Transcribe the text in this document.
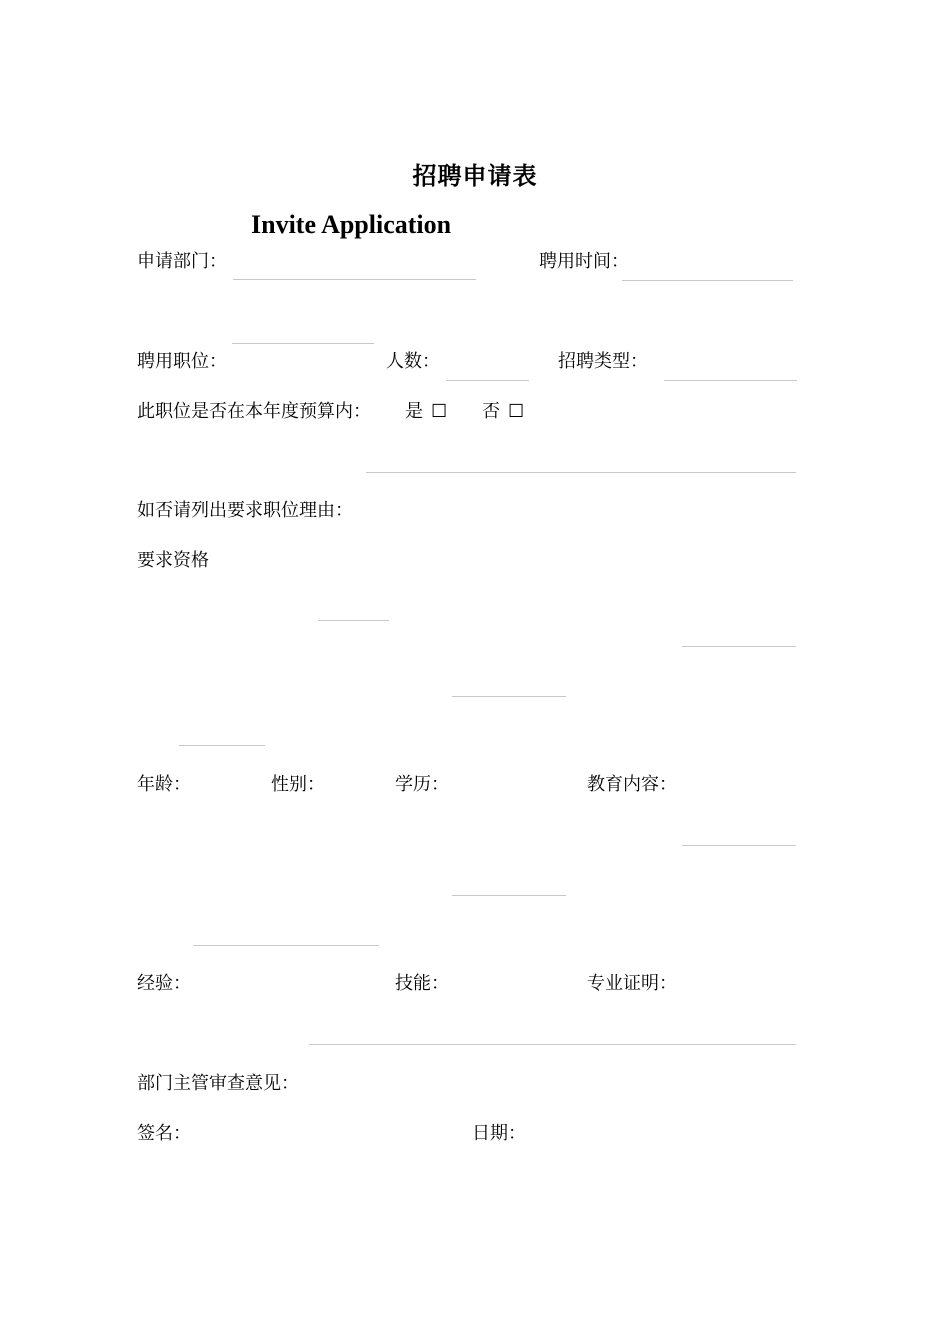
招聘申请表
Invite Application
申请部门：	聘用时间：
聘用职位：	人数：	招聘类型：
此职位是否在本年度预算内： 是 ☐ 否 ☐
如否请列出要求职位理由：
要求资格
年龄：	性别：	学历：	教育内容：
经验：	技能：	专业证明：
部门主管审查意见：
签名：	日期：
